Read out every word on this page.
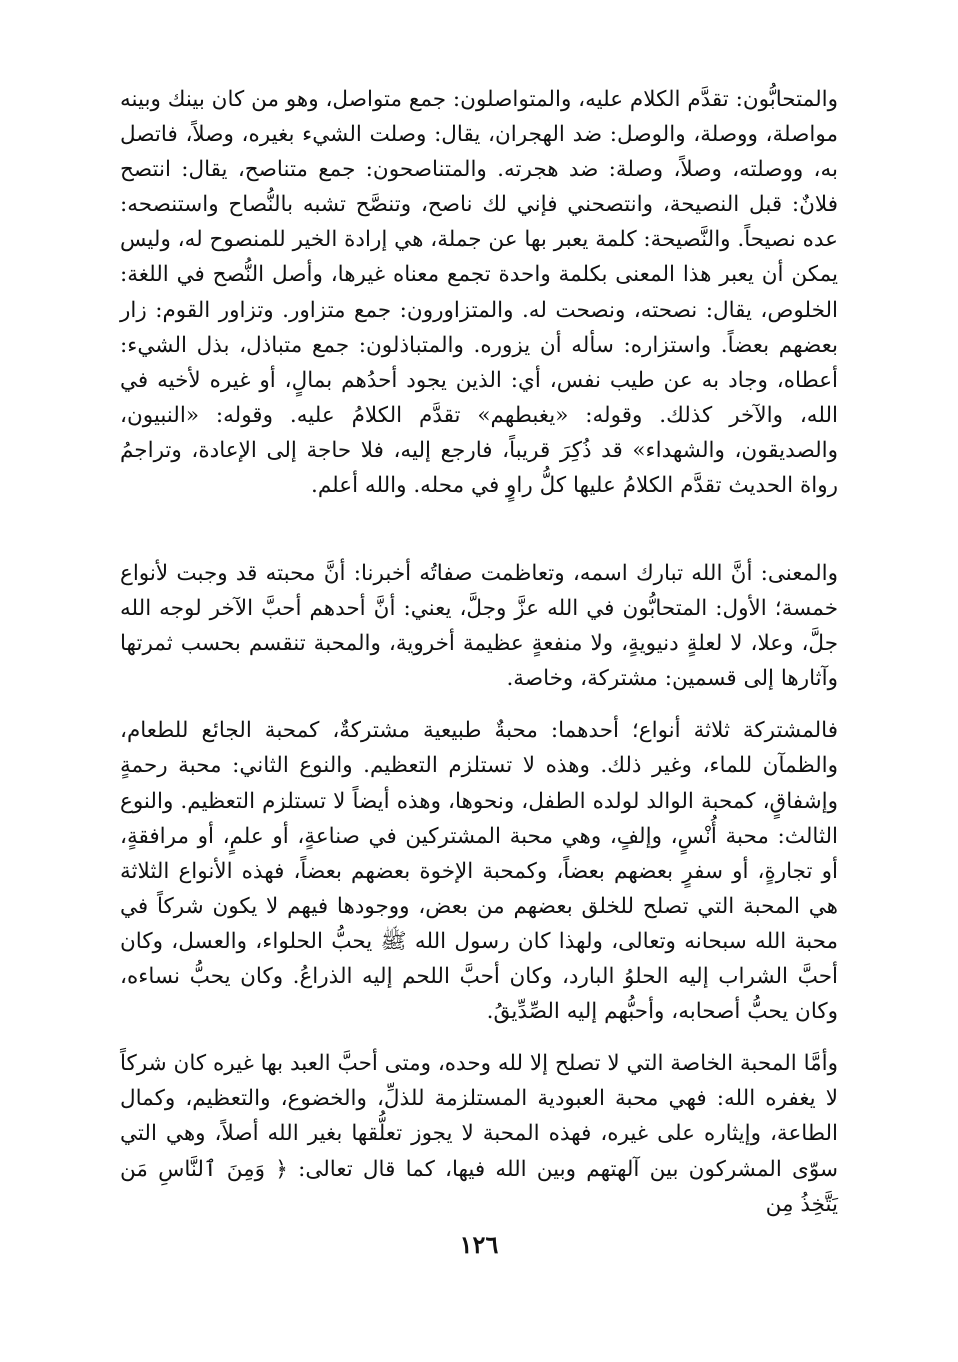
والمتحابُّون: تقدَّم الكلام عليه، والمتواصلون: جمع متواصل، وهو من كان بينك وبينه مواصلة، ووصلة، والوصل: ضد الهجران، يقال: وصلت الشيء بغيره، وصلاً، فاتصل به، ووصلته، وصلاً، وصلة: ضد هجرته. والمتناصحون: جمع متناصح، يقال: انتصح فلانٌ: قبل النصيحة، وانتصحني فإني لك ناصح، وتنصَّح تشبه بالنُّصاح واستنصحه: عده نصيحاً. والنَّصيحة: كلمة يعبر بها عن جملة، هي إرادة الخير للمنصوح له، وليس يمكن أن يعبر هذا المعنى بكلمة واحدة تجمع معناه غيرها، وأصل النُّصح في اللغة: الخلوص، يقال: نصحته، ونصحت له. والمتزاورون: جمع متزاور. وتزاور القوم: زار بعضهم بعضاً. واستزاره: سأله أن يزوره. والمتباذلون: جمع متباذل، بذل الشيء: أعطاه، وجاد به عن طيب نفس، أي: الذين يجود أحدُهم بمالٍ، أو غيره لأخيه في الله، والآخر كذلك. وقوله: «يغبطهم» تقدَّم الكلامُ عليه. وقوله: «النبيون، والصديقون، والشهداء» قد ذُكِرَ قريباً، فارجع إليه، فلا حاجة إلى الإعادة، وتراجمُ رواة الحديث تقدَّم الكلامُ عليها كلُّ راوٍ في محله. والله أعلم.

والمعنى: أنَّ الله تبارك اسمه، وتعاظمت صفاتُه أخبرنا: أنَّ محبته قد وجبت لأنواع خمسة؛ الأول: المتحابُّون في الله عزَّ وجلَّ، يعني: أنَّ أحدهم أحبَّ الآخر لوجه الله جلَّ، وعلا، لا لعلةٍ دنيويةٍ، ولا منفعةٍ عظيمة أخروية، والمحبة تنقسم بحسب ثمرتها وآثارها إلى قسمين: مشتركة، وخاصة.

فالمشتركة ثلاثة أنواع؛ أحدهما: محبةٌ طبيعية مشتركةٌ، كمحبة الجائع للطعام، والظمآن للماء، وغير ذلك. وهذه لا تستلزم التعظيم. والنوع الثاني: محبة رحمةٍ وإشفاقٍ، كمحبة الوالد لولده الطفل، ونحوها، وهذه أيضاً لا تستلزم التعظيم. والنوع الثالث: محبة أُنْسٍ، وإلفٍ، وهي محبة المشتركين في صناعةٍ، أو علمٍ، أو مرافقةٍ، أو تجارةٍ، أو سفرٍ بعضهم بعضاً، وكمحبة الإخوة بعضهم بعضاً، فهذه الأنواع الثلاثة هي المحبة التي تصلح للخلق بعضهم من بعض، ووجودها فيهم لا يكون شركاً في محبة الله سبحانه وتعالى، ولهذا كان رسول الله ﷺ يحبُّ الحلواء، والعسل، وكان أحبَّ الشراب إليه الحلوُ البارد، وكان أحبَّ اللحم إليه الذراعُ. وكان يحبُّ نساءه، وكان يحبُّ أصحابه، وأحبُّهم إليه الصِّدِّيقُ.

وأمَّا المحبة الخاصة التي لا تصلح إلا لله وحده، ومتى أحبَّ العبد بها غيره كان شركاً لا يغفره الله: فهي محبة العبودية المستلزمة للذلِّ، والخضوع، والتعظيم، وكمال الطاعة، وإيثاره على غيره، فهذه المحبة لا يجوز تعلُّقها بغير الله أصلاً، وهي التي سوّى المشركون بين آلهتهم وبين الله فيها، كما قال تعالى: ﴿ وَمِنَ ٱلنَّاسِ مَن يَتَّخِذُ مِن

١٢٦
